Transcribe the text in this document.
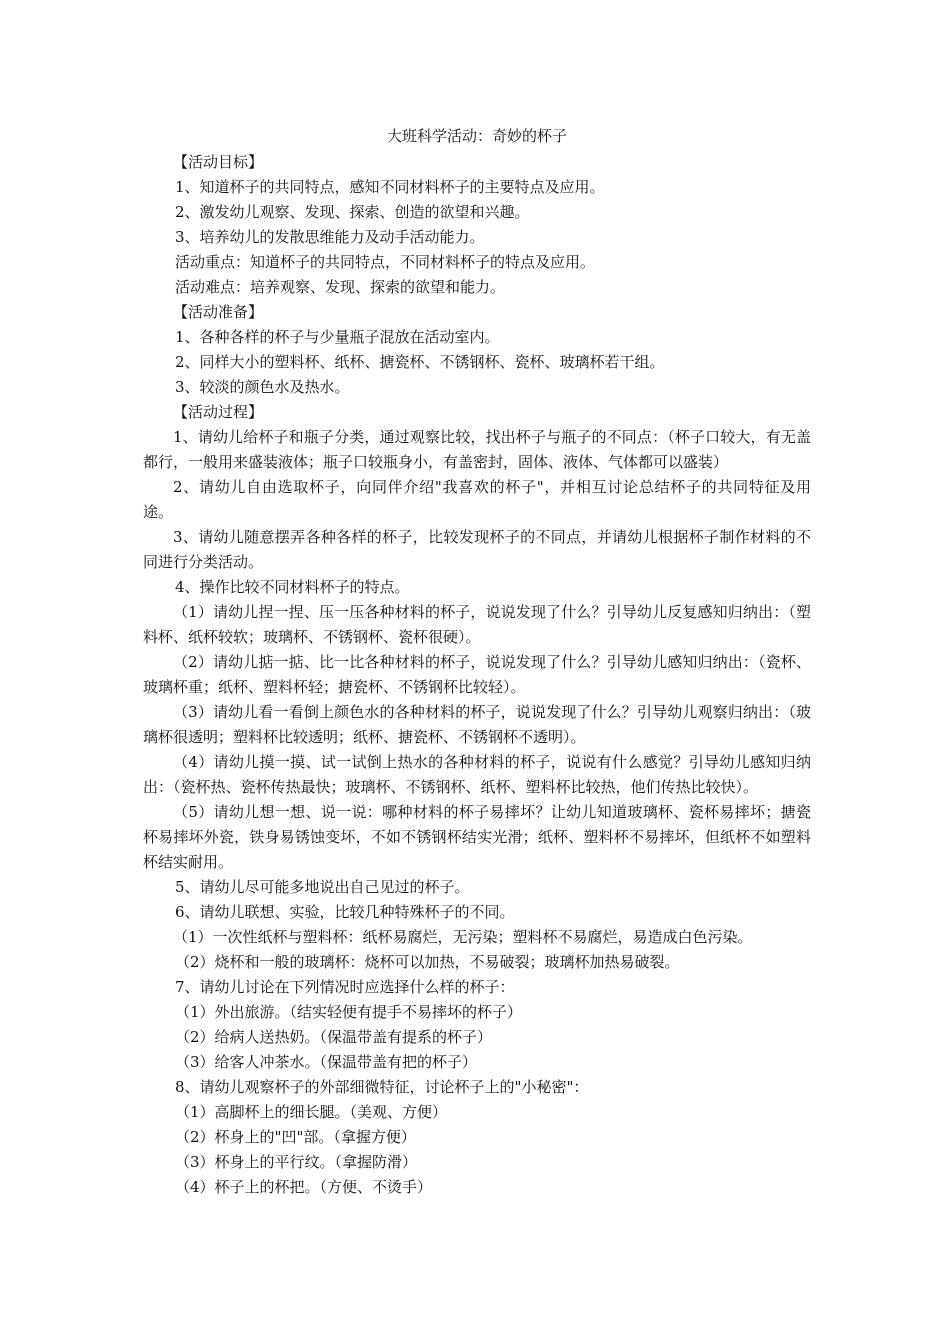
大班科学活动：奇妙的杯子

【活动目标】

1、知道杯子的共同特点，感知不同材料杯子的主要特点及应用。

2、激发幼儿观察、发现、探索、创造的欲望和兴趣。

3、培养幼儿的发散思维能力及动手活动能力。

活动重点：知道杯子的共同特点，不同材料杯子的特点及应用。

活动难点：培养观察、发现、探索的欲望和能力。

【活动准备】

1、各种各样的杯子与少量瓶子混放在活动室内。

2、同样大小的塑料杯、纸杯、搪瓷杯、不锈钢杯、瓷杯、玻璃杯若干组。

3、较淡的颜色水及热水。

【活动过程】

1、请幼儿给杯子和瓶子分类，通过观察比较，找出杯子与瓶子的不同点：（杯子口较大，有无盖都行，一般用来盛装液体；瓶子口较瓶身小，有盖密封，固体、液体、气体都可以盛装）

2、请幼儿自由选取杯子，向同伴介绍"我喜欢的杯子"，并相互讨论总结杯子的共同特征及用途。

3、请幼儿随意摆弄各种各样的杯子，比较发现杯子的不同点，并请幼儿根据杯子制作材料的不同进行分类活动。

4、操作比较不同材料杯子的特点。

（1）请幼儿捏一捏、压一压各种材料的杯子，说说发现了什么？引导幼儿反复感知归纳出：（塑料杯、纸杯较软；玻璃杯、不锈钢杯、瓷杯很硬）。

（2）请幼儿掂一掂、比一比各种材料的杯子，说说发现了什么？引导幼儿感知归纳出：（瓷杯、玻璃杯重；纸杯、塑料杯轻；搪瓷杯、不锈钢杯比较轻）。

（3）请幼儿看一看倒上颜色水的各种材料的杯子，说说发现了什么？引导幼儿观察归纳出：（玻璃杯很透明；塑料杯比较透明；纸杯、搪瓷杯、不锈钢杯不透明）。

（4）请幼儿摸一摸、试一试倒上热水的各种材料的杯子，说说有什么感觉？引导幼儿感知归纳出：（瓷杯热、瓷杯传热最快；玻璃杯、不锈钢杯、纸杯、塑料杯比较热，他们传热比较快）。

（5）请幼儿想一想、说一说：哪种材料的杯子易摔坏？让幼儿知道玻璃杯、瓷杯易摔坏；搪瓷杯易摔坏外瓷，铁身易锈蚀变坏，不如不锈钢杯结实光滑；纸杯、塑料杯不易摔坏，但纸杯不如塑料杯结实耐用。

5、请幼儿尽可能多地说出自己见过的杯子。

6、请幼儿联想、实验，比较几种特殊杯子的不同。

（1）一次性纸杯与塑料杯：纸杯易腐烂，无污染；塑料杯不易腐烂，易造成白色污染。

（2）烧杯和一般的玻璃杯：烧杯可以加热，不易破裂；玻璃杯加热易破裂。

7、请幼儿讨论在下列情况时应选择什么样的杯子：

（1）外出旅游。（结实轻便有提手不易摔坏的杯子）

（2）给病人送热奶。（保温带盖有提系的杯子）

（3）给客人冲茶水。（保温带盖有把的杯子）

8、请幼儿观察杯子的外部细微特征，讨论杯子上的"小秘密"：

（1）高脚杯上的细长腿。（美观、方便）

（2）杯身上的"凹"部。（拿握方便）

（3）杯身上的平行纹。（拿握防滑）

（4）杯子上的杯把。（方便、不烫手）
